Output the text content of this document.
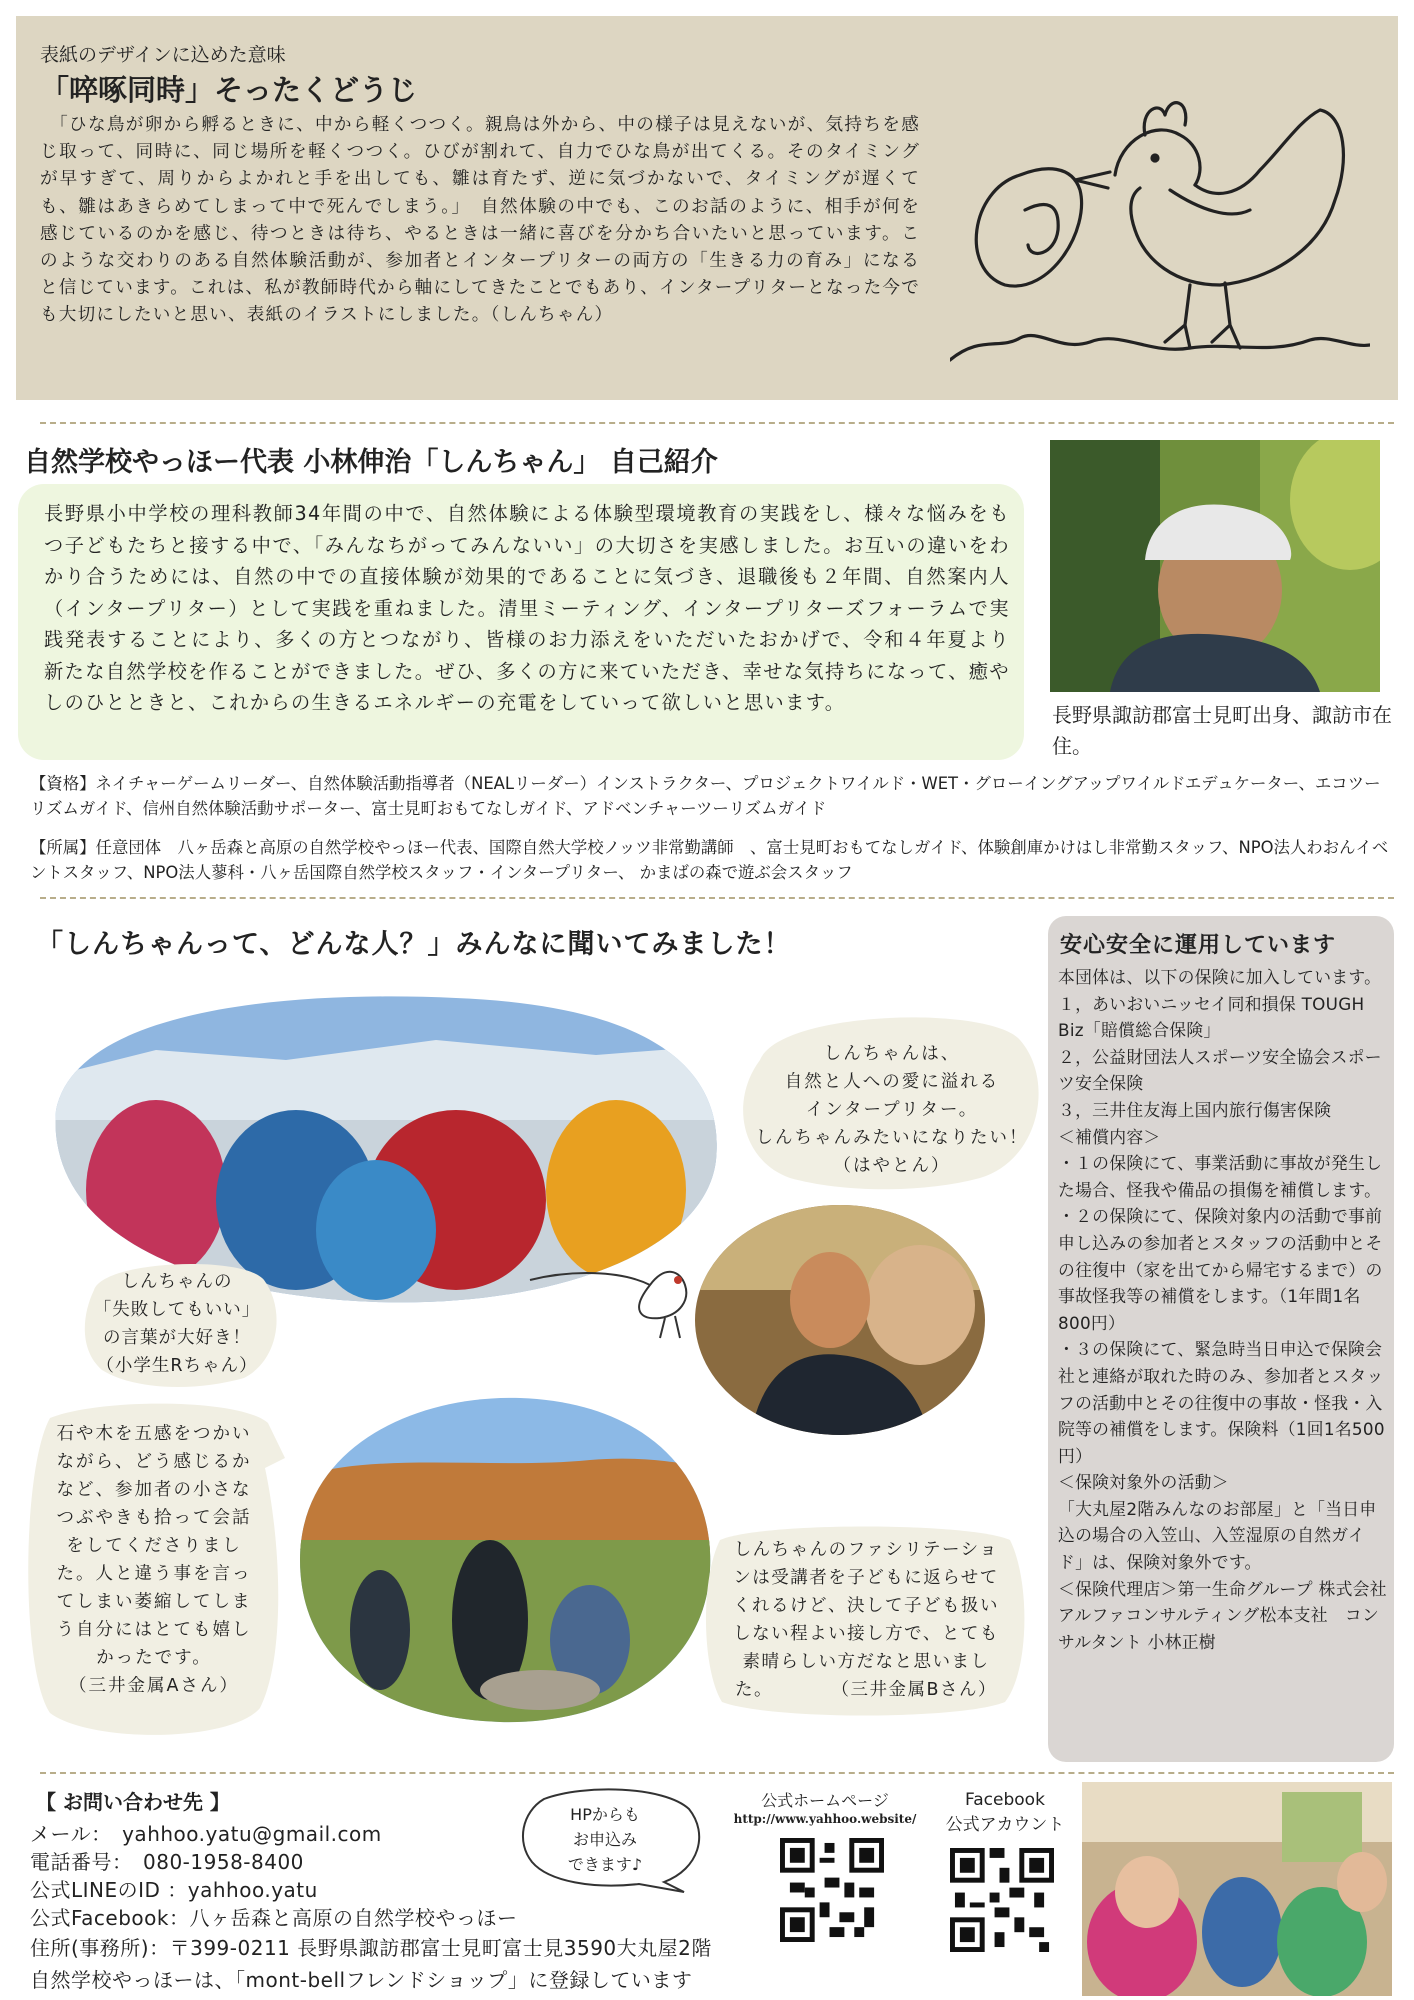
表紙のデザインに込めた意味
「啐啄同時」そったくどうじ
　「ひな鳥が卵から孵るときに、中から軽くつつく。親鳥は外から、中の様子は見えないが、気持ちを感じ取って、同時に、同じ場所を軽くつつく。ひびが割れて、自力でひな鳥が出てくる。そのタイミングが早すぎて、周りからよかれと手を出しても、雛は育たず、逆に気づかないで、タイミングが遅くても、雛はあきらめてしまって中で死んでしまう。」　自然体験の中でも、このお話のように、相手が何を感じているのかを感じ、待つときは待ち、やるときは一緒に喜びを分かち合いたいと思っています。このような交わりのある自然体験活動が、参加者とインタープリターの両方の「生きる力の育み」になると信じています。これは、私が教師時代から軸にしてきたことでもあり、インタープリターとなった今でも大切にしたいと思い、表紙のイラストにしました。（しんちゃん）
自然学校やっほー代表 小林伸治「しんちゃん」 自己紹介
長野県小中学校の理科教師34年間の中で、自然体験による体験型環境教育の実践をし、様々な悩みをもつ子どもたちと接する中で、「みんなちがってみんないい」の大切さを実感しました。お互いの違いをわかり合うためには、自然の中での直接体験が効果的であることに気づき、退職後も２年間、自然案内人（インタープリター）として実践を重ねました。清里ミーティング、インタープリターズフォーラムで実践発表することにより、多くの方とつながり、皆様のお力添えをいただいたおかげで、令和４年夏より新たな自然学校を作ることができました。ぜひ、多くの方に来ていただき、幸せな気持ちになって、癒やしのひとときと、これからの生きるエネルギーの充電をしていって欲しいと思います。
長野県諏訪郡富士見町出身、諏訪市在住。
【資格】ネイチャーゲームリーダー、自然体験活動指導者（NEALリーダー）インストラクター、プロジェクトワイルド・WET・グローイングアップワイルドエデュケーター、エコツーリズムガイド、信州自然体験活動サポーター、富士見町おもてなしガイド、アドベンチャーツーリズムガイド
【所属】任意団体　八ヶ岳森と高原の自然学校やっほー代表、国際自然大学校ノッツ非常勤講師　、富士見町おもてなしガイド、体験創庫かけはし非常勤スタッフ、NPO法人わおんイベントスタッフ、NPO法人蓼科・八ヶ岳国際自然学校スタッフ・インタープリター、 かまばの森で遊ぶ会スタッフ
「しんちゃんって、どんな人？」みんなに聞いてみました！
しんちゃんは、
自然と人への愛に溢れる
インタープリター。
しんちゃんみたいになりたい！
（はやとん）
しんちゃんの
「失敗してもいい」
の言葉が大好き！
（小学生Rちゃん）
石や木を五感をつかい
ながら、どう感じるか
など、参加者の小さな
つぶやきも拾って会話
をしてくださりまし
た。人と違う事を言っ
てしまい萎縮してしま
う自分にはとても嬉し
かったです。
（三井金属Aさん）
しんちゃんのファシリテーショ
ンは受講者を子どもに返らせて
くれるけど、決して子ども扱い
しない程よい接し方で、とても
素晴らしい方だなと思いまし
た。　　　　（三井金属Bさん）
安心安全に運用しています
本団体は、以下の保険に加入しています。
１，あいおいニッセイ同和損保 TOUGH Biz「賠償総合保険」
２，公益財団法人スポーツ安全協会スポーツ安全保険
３，三井住友海上国内旅行傷害保険
＜補償内容＞
・１の保険にて、事業活動に事故が発生した場合、怪我や備品の損傷を補償します。
・２の保険にて、保険対象内の活動で事前申し込みの参加者とスタッフの活動中とその往復中（家を出てから帰宅するまで）の事故怪我等の補償をします。（1年間1名800円）
・３の保険にて、緊急時当日申込で保険会社と連絡が取れた時のみ、参加者とスタッフの活動中とその往復中の事故・怪我・入院等の補償をします。保険料（1回1名500円）
＜保険対象外の活動＞
「大丸屋2階みんなのお部屋」と「当日申込の場合の入笠山、入笠湿原の自然ガイド」は、保険対象外です。
＜保険代理店＞第一生命グループ 株式会社アルファコンサルティング松本支社　コンサルタント 小林正樹
【 お問い合わせ先 】
メール：　yahhoo.yatu@gmail.com
電話番号：　080-1958-8400
公式LINEのID ：yahhoo.yatu
公式Facebook：八ヶ岳森と高原の自然学校やっほー
住所(事務所)：〒399-0211 長野県諏訪郡富士見町富士見3590大丸屋2階
自然学校やっほーは、「mont-bellフレンドショップ」に登録しています
HPからも
お申込み
できます♪
公式ホームページ
http://www.yahhoo.website/
Facebook
公式アカウント
